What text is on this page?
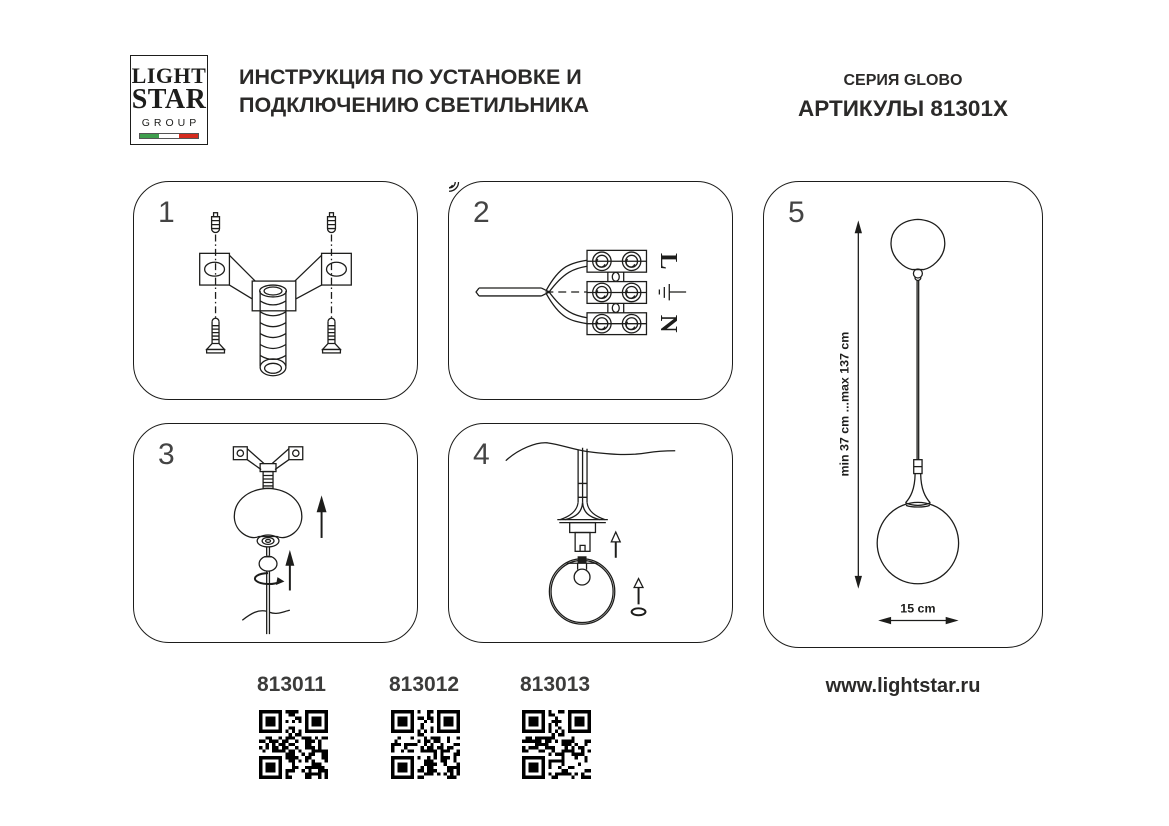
LIGHT
STAR
GROUP
ИНСТРУКЦИЯ ПО УСТАНОВКЕ И
ПОДКЛЮЧЕНИЮ СВЕТИЛЬНИКА
СЕРИЯ GLOBO
АРТИКУЛЫ 81301X
1	2
L
N
3	4
5
min 37 cm ...max 137 cm
15 cm
813011	813012	813013	www.lightstar.ru
